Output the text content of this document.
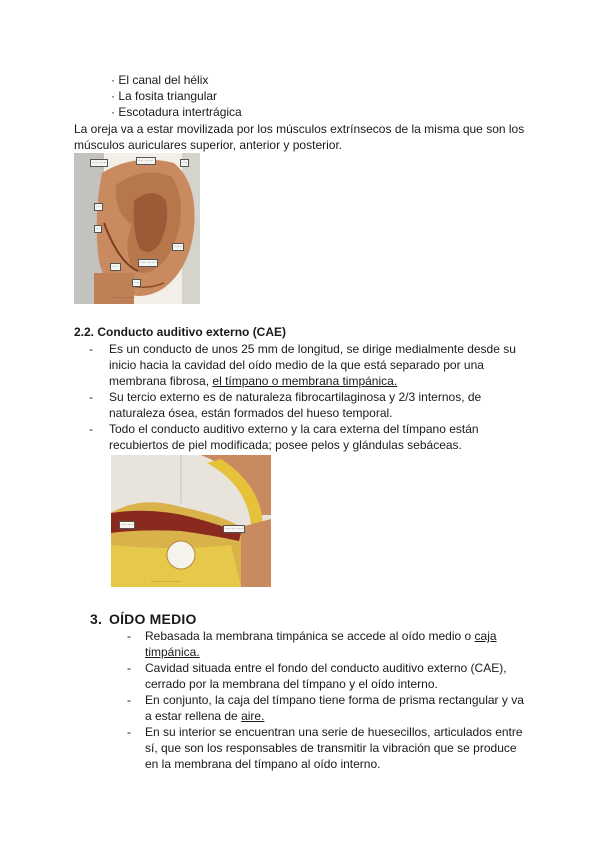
· El canal del hélix
· La fosita triangular
· Escotadura intertrágica
La oreja va a estar movilizada por los músculos extrínsecos de la misma que son los
músculos auriculares superior, anterior y posterior.
····· ·····	···· ·· ····	····
····
···
······
····· ······
·····
····
········ ···· ·····
2.2. Conducto auditivo externo (CAE)
- Es un conducto de unos 25 mm de longitud, se dirige medialmente desde su
inicio hacia la cavidad del oído medio de la que está separado por una
membrana fibrosa, el tímpano o membrana timpánica.
- Su tercio externo es de naturaleza fibrocartilaginosa y 2/3 internos, de
naturaleza ósea, están formados del hueso temporal.
- Todo el conducto auditivo externo y la cara externa del tímpano están
recubiertos de piel modificada; posee pelos y glándulas sebáceas.
·········
········ ·····
········ ······· ······
3. OÍDO MEDIO
- Rebasada la membrana timpánica se accede al oído medio o caja
timpánica.
- Cavidad situada entre el fondo del conducto auditivo externo (CAE),
cerrado por la membrana del tímpano y el oído interno.
- En conjunto, la caja del tímpano tiene forma de prisma rectangular y va
a estar rellena de aire.
- En su interior se encuentran una serie de huesecillos, articulados entre
sí, que son los responsables de transmitir la vibración que se produce
en la membrana del tímpano al oído interno.
